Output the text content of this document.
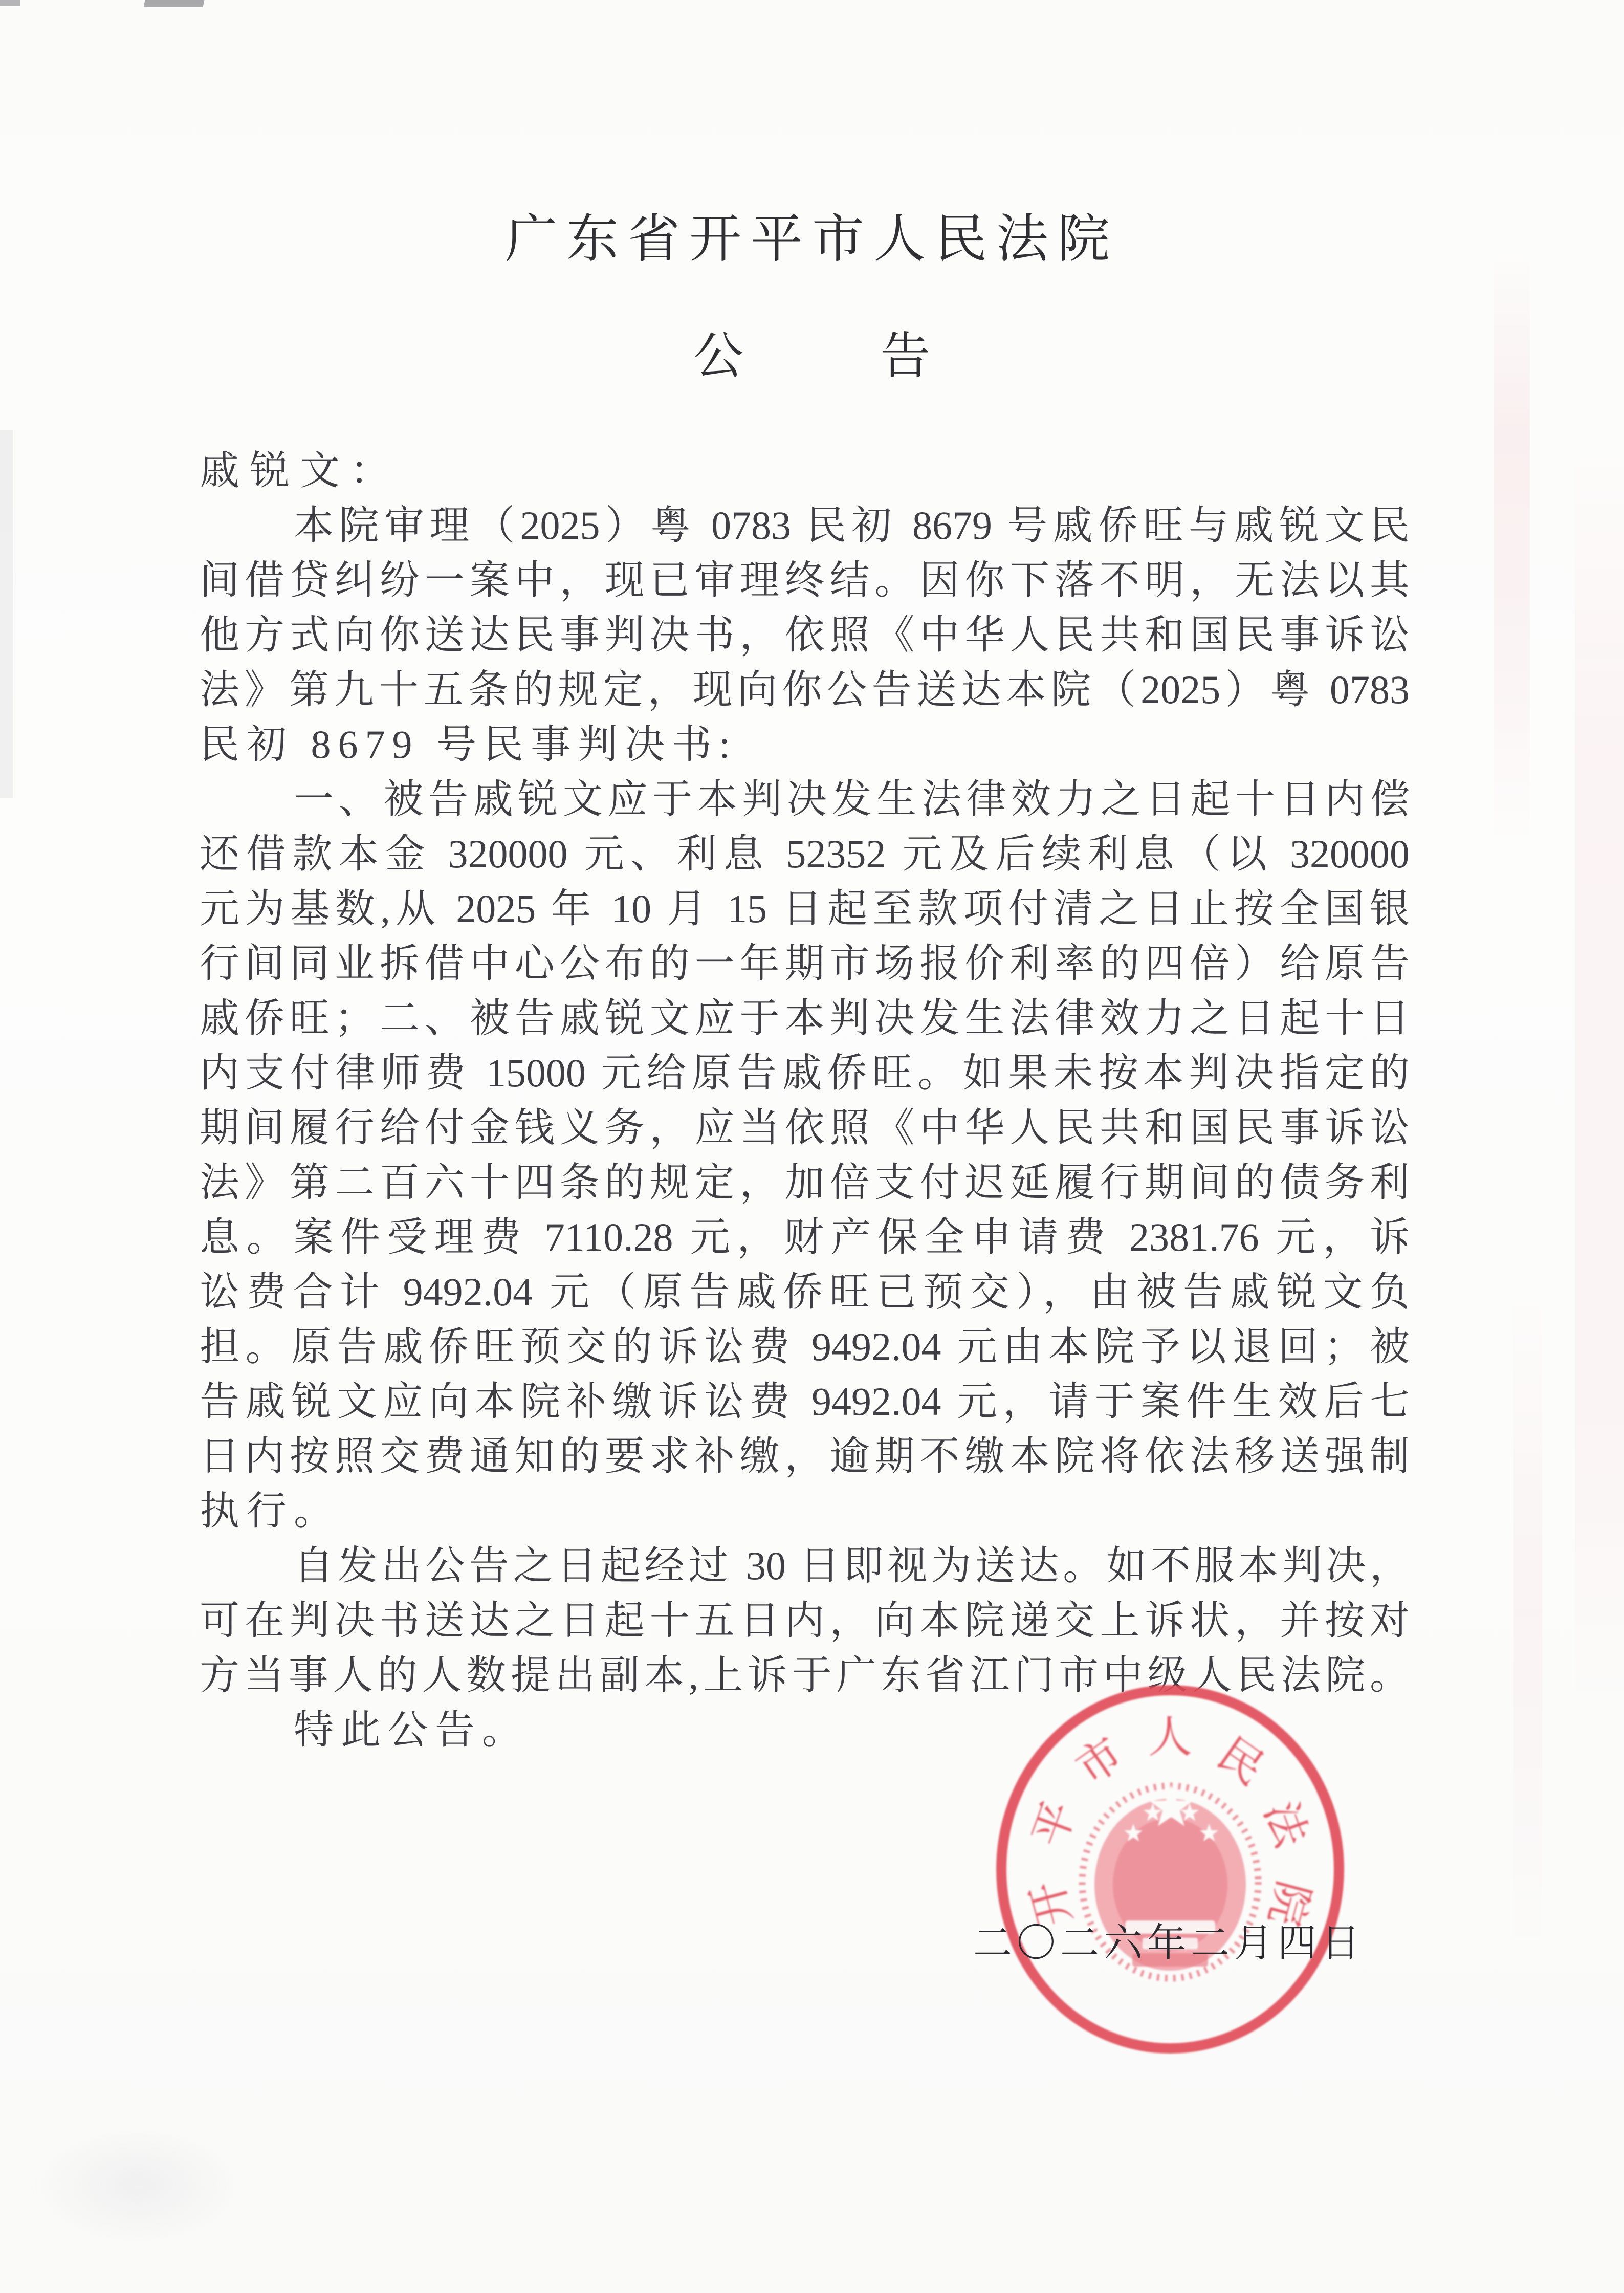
广东省开平市人民法院
公	告
戚锐文：
本院审理（2025）粤 0783 民初 8679 号戚侨旺与戚锐文民
间借贷纠纷一案中，现已审理终结。因你下落不明，无法以其
他方式向你送达民事判决书，依照《中华人民共和国民事诉讼
法》第九十五条的规定，现向你公告送达本院（2025）粤 0783
民初 8679 号民事判决书:
一、被告戚锐文应于本判决发生法律效力之日起十日内偿
还借款本金 320000 元、利息 52352 元及后续利息（以 320000
元为基数,从 2025 年 10 月 15 日起至款项付清之日止按全国银
行间同业拆借中心公布的一年期市场报价利率的四倍）给原告
戚侨旺；二、被告戚锐文应于本判决发生法律效力之日起十日
内支付律师费 15000 元给原告戚侨旺。如果未按本判决指定的
期间履行给付金钱义务，应当依照《中华人民共和国民事诉讼
法》第二百六十四条的规定，加倍支付迟延履行期间的债务利
息。案件受理费 7110.28 元，财产保全申请费 2381.76 元，诉
讼费合计 9492.04 元（原告戚侨旺已预交），由被告戚锐文负
担。原告戚侨旺预交的诉讼费 9492.04 元由本院予以退回；被
告戚锐文应向本院补缴诉讼费 9492.04 元，请于案件生效后七
日内按照交费通知的要求补缴，逾期不缴本院将依法移送强制
执行。
自发出公告之日起经过 30 日即视为送达。如不服本判决，
可在判决书送达之日起十五日内，向本院递交上诉状，并按对
方当事人的人数提出副本,上诉于广东省江门市中级人民法院。
特此公告。
开
平
市 人 民
法
院
二〇二六年二月四日
